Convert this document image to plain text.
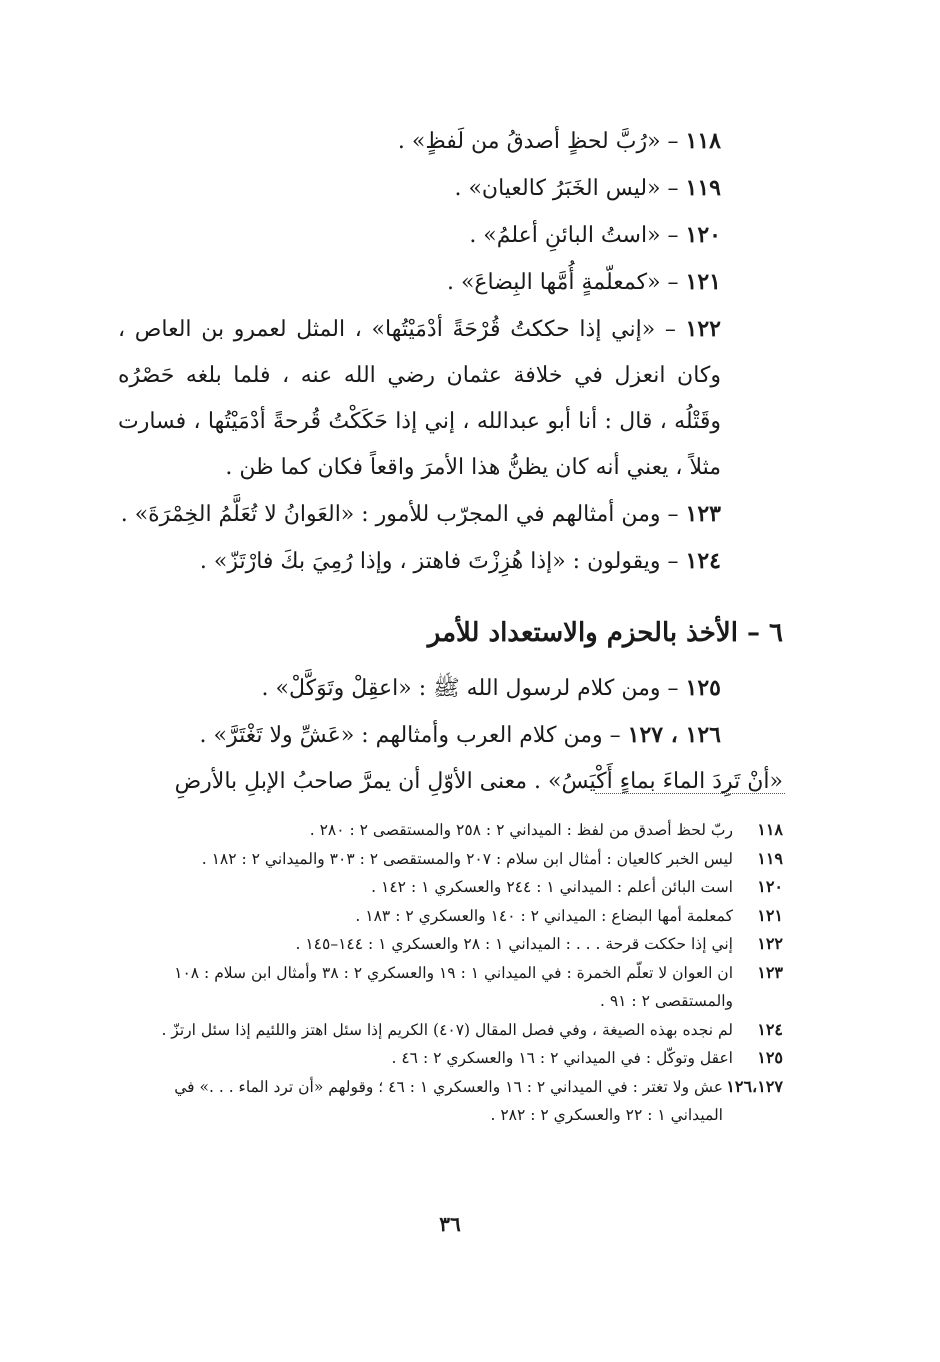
١١٨ – «رُبَّ لحظٍ أصدقُ من لَفظٍ» .
١١٩ – «ليس الخَبَرُ كالعيان» .
١٢٠ – «استُ البائنِ أعلمُ» .
١٢١ – «كمعلّمةٍ أُمَّها البِضاعَ» .
١٢٢ – «إني إذا حككتُ قُرْحَةً أدْمَيْتُها» ، المثل لعمرو بن العاص ، وكان انعزل في خلافة عثمان رضي الله عنه ، فلما بلغه حَصْرُه وقَتْلُه ، قال : أنا أبو عبدالله ، إني إذا حَكَكْتُ قُرحةً أدْمَيْتُها ، فسارت مثلاً ، يعني أنه كان يظنُّ هذا الأمرَ واقعاً فكان كما ظن .
١٢٣ – ومن أمثالهم في المجرّب للأمور : «العَوانُ لا تُعَلَّمُ الخِمْرَةَ» .
١٢٤ – ويقولون : «إذا هُزِزْتَ فاهتز ، وإذا رُمِيَ بكَ فارْتَزّ» .
٦ – الأخذ بالحزم والاستعداد للأمر
١٢٥ – ومن كلام لرسول الله ﷺ : «اعقِلْ وتَوَكَّلْ» .
١٢٦ ، ١٢٧ – ومن كلام العرب وأمثالهم : «عَشِّ ولا تَغْتَرَّ» .
«أنْ تَرِدَ الماءَ بماءٍ أَكْيَسُ» . معنى الأوّلِ أن يمرَّ صاحبُ الإبلِ بالأرضِ
١١٨
ربّ لحظ أصدق من لفظ : الميداني ٢ : ٢٥٨ والمستقصى ٢ : ٢٨٠ .
١١٩
ليس الخبر كالعيان : أمثال ابن سلام : ٢٠٧ والمستقصى ٢ : ٣٠٣ والميداني ٢ : ١٨٢ .
١٢٠
است البائن أعلم : الميداني ١ : ٢٤٤ والعسكري ١ : ١٤٢ .
١٢١
كمعلمة أمها البضاع : الميداني ٢ : ١٤٠ والعسكري ٢ : ١٨٣ .
١٢٢
إني إذا حككت قرحة . . . : الميداني ١ : ٢٨ والعسكري ١ : ١٤٤–١٤٥ .
١٢٣
ان العوان لا تعلّم الخمرة : في الميداني ١ : ١٩ والعسكري ٢ : ٣٨ وأمثال ابن سلام : ١٠٨ والمستقصى ٢ : ٩١ .
١٢٤
لم نجده بهذه الصيغة ، وفي فصل المقال (٤٠٧) الكريم إذا سئل اهتز واللئيم إذا سئل ارتزّ .
١٢٥
اعقل وتوكّل : في الميداني ٢ : ١٦ والعسكري ٢ : ٤٦ .
١٢٦،١٢٧
عش ولا تغتر : في الميداني ٢ : ١٦ والعسكري ١ : ٤٦ ؛ وقولهم «أن ترد الماء . . .» في الميداني ١ : ٢٢ والعسكري ٢ : ٢٨٢ .
٣٦
